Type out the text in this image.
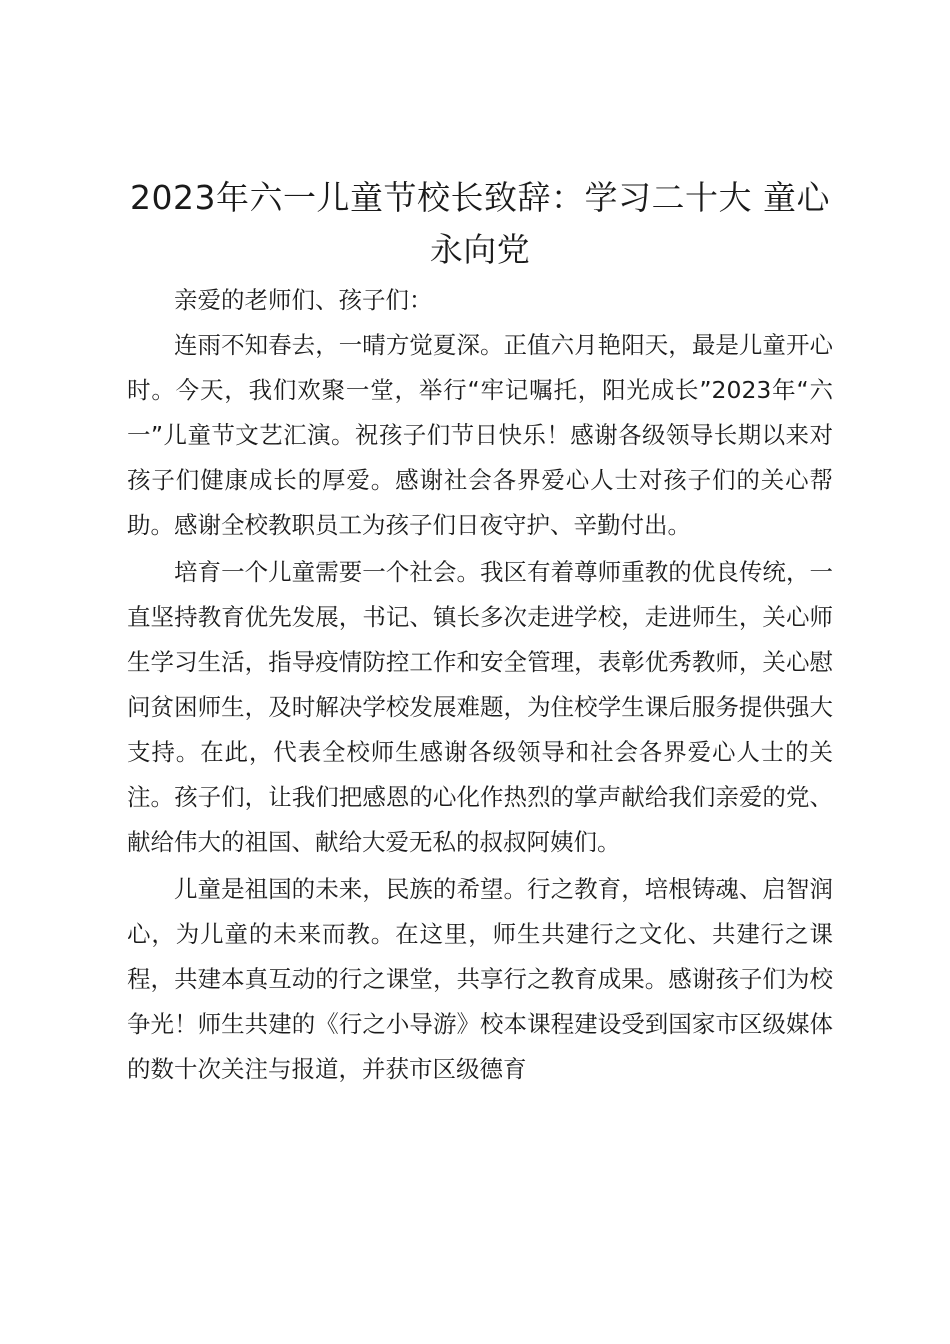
2023年六一儿童节校长致辞：学习二十大 童心永向党

亲爱的老师们、孩子们：

连雨不知春去，一晴方觉夏深。正值六月艳阳天，最是儿童开心时。今天，我们欢聚一堂，举行“牢记嘱托，阳光成长”2023年“六一”儿童节文艺汇演。祝孩子们节日快乐！感谢各级领导长期以来对孩子们健康成长的厚爱。感谢社会各界爱心人士对孩子们的关心帮助。感谢全校教职员工为孩子们日夜守护、辛勤付出。

培育一个儿童需要一个社会。我区有着尊师重教的优良传统，一直坚持教育优先发展，书记、镇长多次走进学校，走进师生，关心师生学习生活，指导疫情防控工作和安全管理，表彰优秀教师，关心慰问贫困师生，及时解决学校发展难题，为住校学生课后服务提供强大支持。在此，代表全校师生感谢各级领导和社会各界爱心人士的关注。孩子们，让我们把感恩的心化作热烈的掌声献给我们亲爱的党、献给伟大的祖国、献给大爱无私的叔叔阿姨们。

儿童是祖国的未来，民族的希望。行之教育，培根铸魂、启智润心，为儿童的未来而教。在这里，师生共建行之文化、共建行之课程，共建本真互动的行之课堂，共享行之教育成果。感谢孩子们为校争光！师生共建的《行之小导游》校本课程建设受到国家市区级媒体的数十次关注与报道，并获市区级德育
